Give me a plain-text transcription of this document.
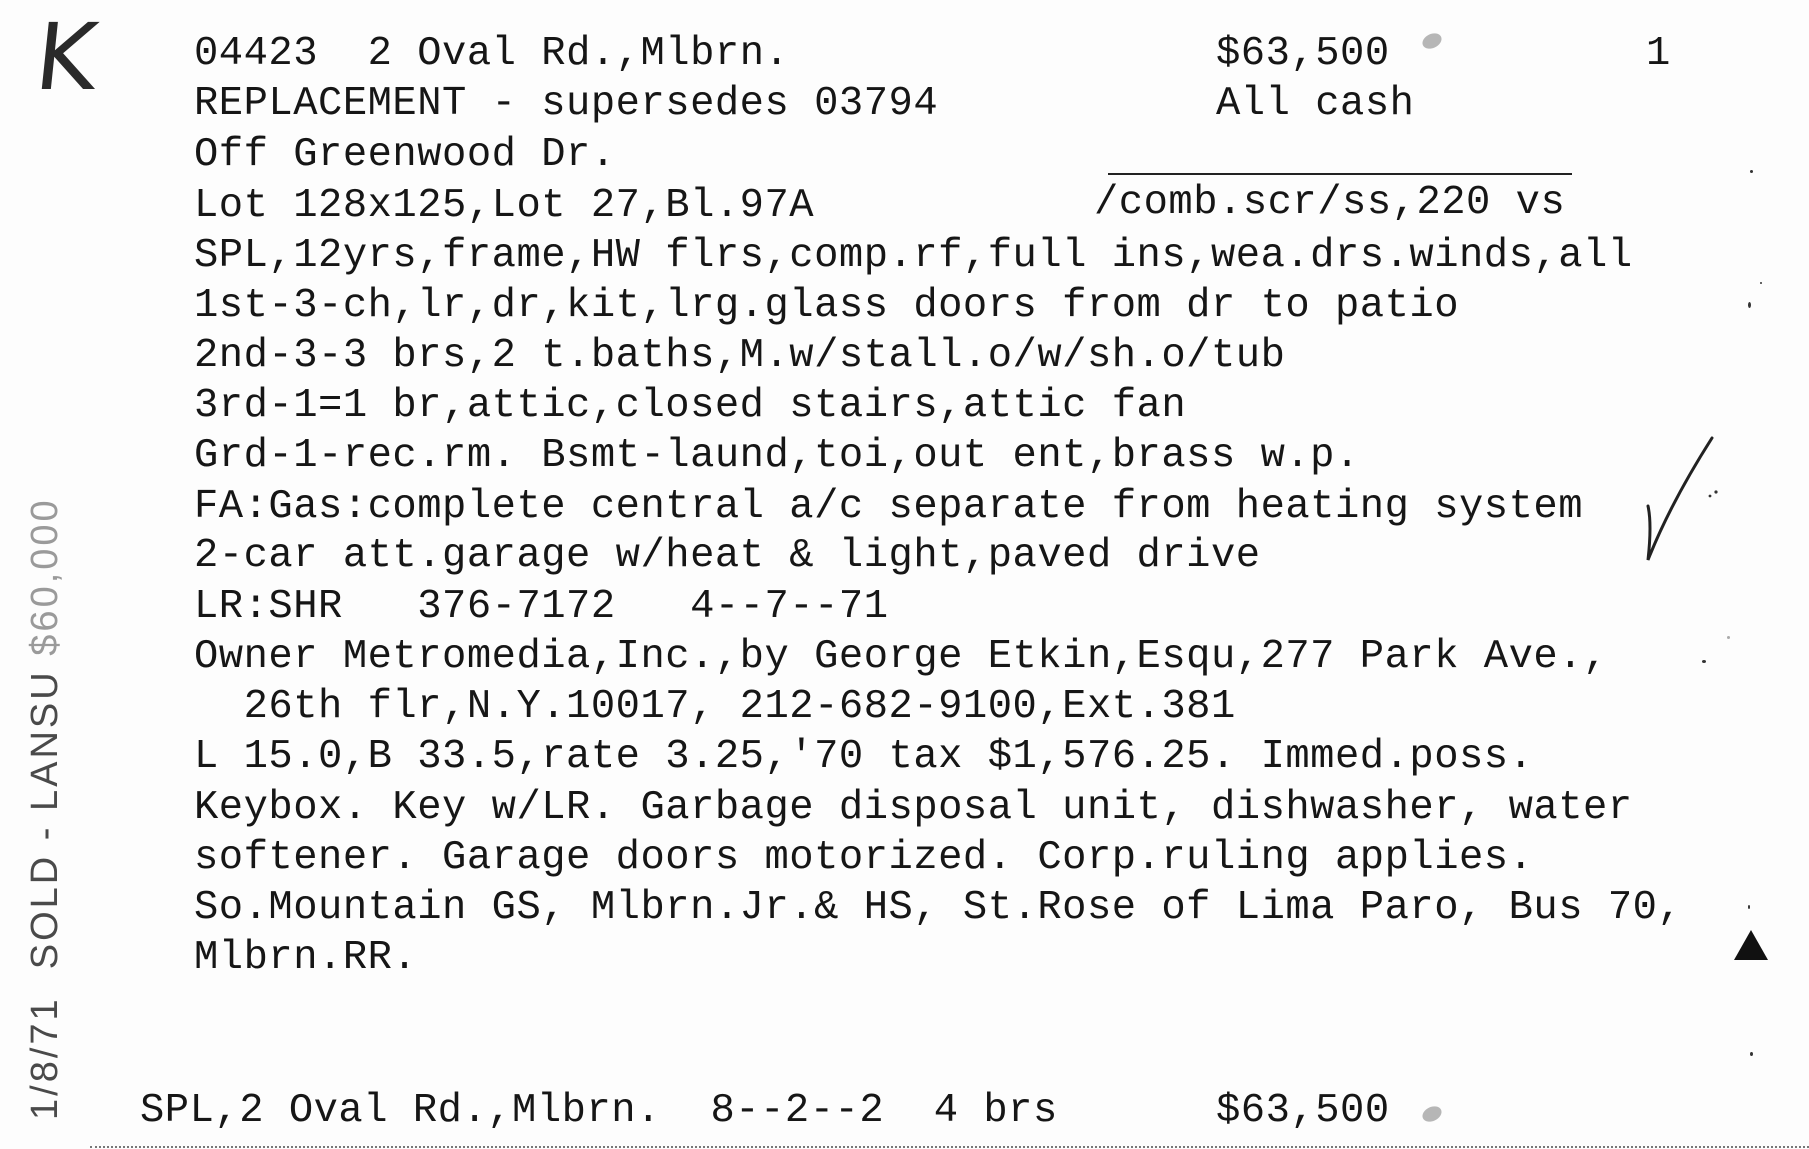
K 04423 2 Oval Rd.,Mlbrn.	$63,500	1
REPLACEMENT - supersedes 03794	All cash
Off Greenwood Dr.
Lot 128x125,Lot 27,Bl.97A	/comb.scr/ss,220 vs
SPL,12yrs,frame,HW flrs,comp.rf,full ins,wea.drs.winds,all
1st-3-ch,lr,dr,kit,lrg.glass doors from dr to patio
2nd-3-3 brs,2 t.baths,M.w/stall.o/w/sh.o/tub
3rd-1=1 br,attic,closed stairs,attic fan
Grd-1-rec.rm. Bsmt-laund,toi,out ent,brass w.p.
FA:Gas:complete central a/c separate from heating system
2-car att.garage w/heat & light,paved drive
LR:SHR   376-7172   4--7--71
Owner Metromedia,Inc.,by George Etkin,Esqu,277 Park Ave.,
26th flr,N.Y.10017, 212-682-9100,Ext.381
L 15.0,B 33.5,rate 3.25,'70 tax $1,576.25. Immed.poss.
Keybox. Key w/LR. Garbage disposal unit, dishwasher, water
softener. Garage doors motorized. Corp.ruling applies.
So.Mountain GS, Mlbrn.Jr.& HS, St.Rose of Lima Paro, Bus 70,
Mlbrn.RR.
1/8/71  SOLD - LANSU $60,000
SPL,2 Oval Rd.,Mlbrn.  8--2--2  4 brs	$63,500
